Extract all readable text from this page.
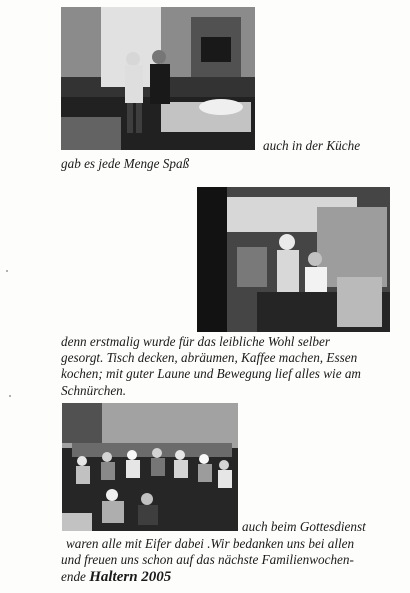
auch in der Küche
gab es jede Menge Spaß
denn erstmalig wurde für das leibliche Wohl selber
gesorgt. Tisch decken, abräumen, Kaffee machen, Essen
kochen; mit guter Laune und Bewegung lief alles wie am
Schnürchen.
auch beim Gottesdienst
waren alle mit Eifer dabei .Wir bedanken uns bei allen
und freuen uns schon auf das nächste Familienwochen-
ende Haltern 2005
